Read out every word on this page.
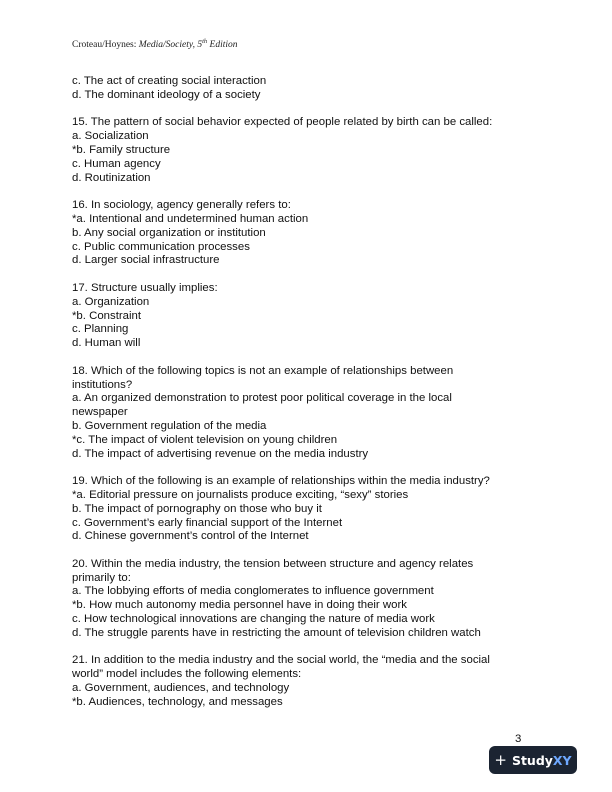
Croteau/Hoynes: Media/Society, 5th Edition
c. The act of creating social interaction
d. The dominant ideology of a society
15. The pattern of social behavior expected of people related by birth can be called:
a. Socialization
*b. Family structure
c. Human agency
d. Routinization
16. In sociology, agency generally refers to:
*a. Intentional and undetermined human action
b. Any social organization or institution
c. Public communication processes
d. Larger social infrastructure
17. Structure usually implies:
a. Organization
*b. Constraint
c. Planning
d. Human will
18. Which of the following topics is not an example of relationships between
institutions?
a. An organized demonstration to protest poor political coverage in the local
newspaper
b. Government regulation of the media
*c. The impact of violent television on young children
d. The impact of advertising revenue on the media industry
19. Which of the following is an example of relationships within the media industry?
*a. Editorial pressure on journalists produce exciting, “sexy” stories
b. The impact of pornography on those who buy it
c. Government’s early financial support of the Internet
d. Chinese government’s control of the Internet
20. Within the media industry, the tension between structure and agency relates
primarily to:
a. The lobbying efforts of media conglomerates to influence government
*b. How much autonomy media personnel have in doing their work
c. How technological innovations are changing the nature of media work
d. The struggle parents have in restricting the amount of television children watch
21. In addition to the media industry and the social world, the “media and the social
world” model includes the following elements:
a. Government, audiences, and technology
*b. Audiences, technology, and messages
3
+ Study XY
